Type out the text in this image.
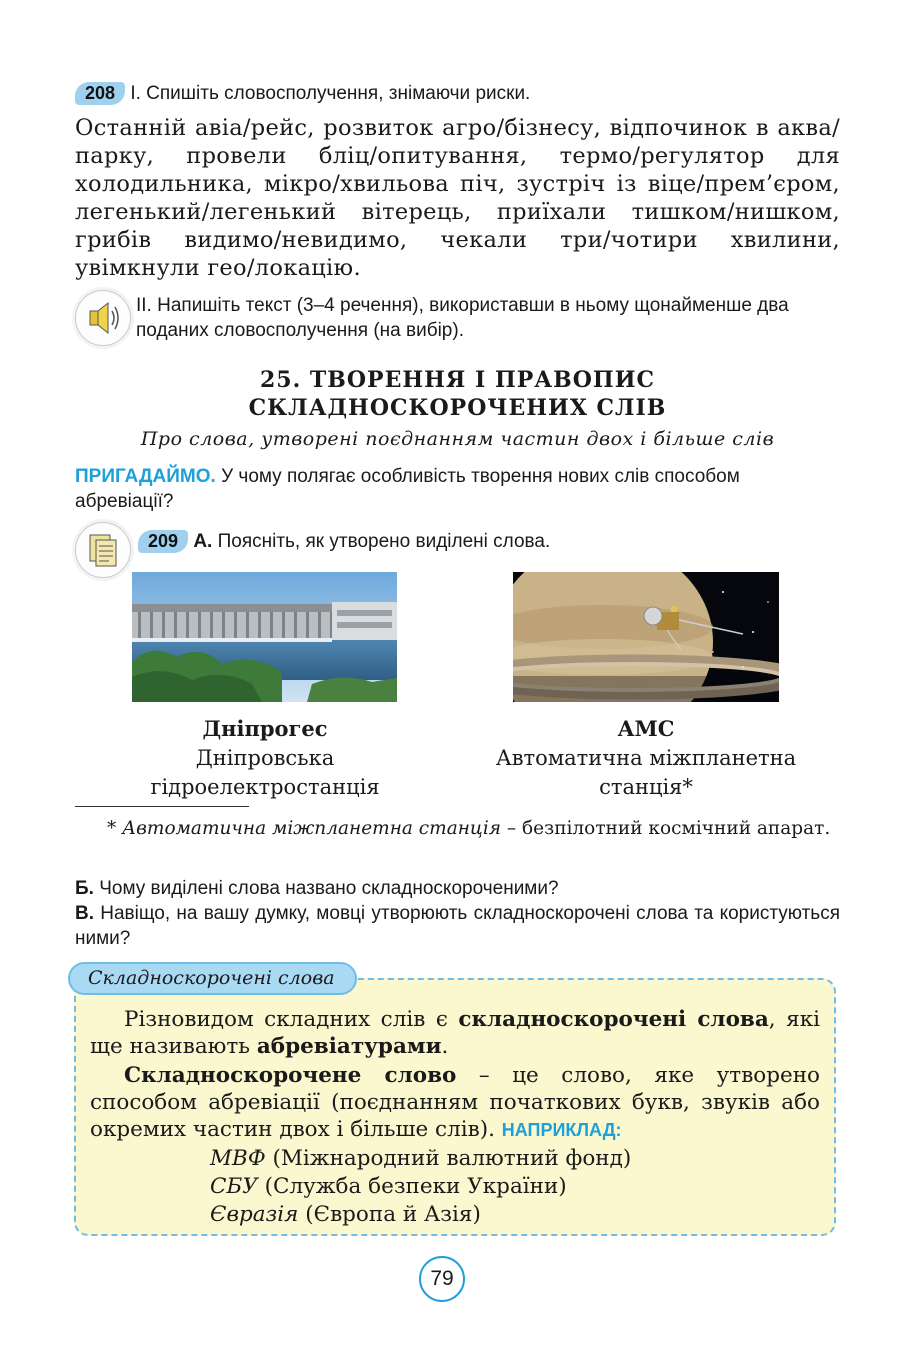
208 І. Спишіть словосполучення, знімаючи риски.
Останній авіа/рейс, розвиток агро/бізнесу, відпочинок в аква/парку, провели бліц/опитування, термо/регулятор для холодильника, мікро/хвильова піч, зустріч із віце/прем’єром, легенький/легенький вітерець, приїхали тишком/нишком, грибів видимо/невидимо, чекали три/чотири хвилини, увімкнули гео/локацію.
ІІ. Напишіть текст (3–4 речення), використавши в ньому щонайменше два поданих словосполучення (на вибір).
25. ТВОРЕННЯ І ПРАВОПИС
СКЛАДНОСКОРОЧЕНИХ СЛІВ
Про слова, утворені поєднанням частин двох і більше слів
ПРИГАДАЙМО. У чому полягає особливість творення нових слів способом абревіації?
209 А. Поясніть, як утворено виділені слова.
Дніпрогес
Дніпровська
гідроелектростанція
АМС
Автоматична міжпланетна
станція*
* Автоматична міжпланетна станція – безпілотний космічний апарат.
Б. Чому виділені слова названо складноскороченими?
В. Навіщо, на вашу думку, мовці утворюють складноскорочені слова та користуються ними?
Складноскорочені слова
Різновидом складних слів є складноскорочені слова, які ще називають абревіатурами.
Складноскорочене слово – це слово, яке утворено способом абревіації (поєднанням початкових букв, звуків або окремих частин двох і більше слів). НАПРИКЛАД:
МВФ (Міжнародний валютний фонд)
СБУ (Служба безпеки України)
Євразія (Європа й Азія)
79
